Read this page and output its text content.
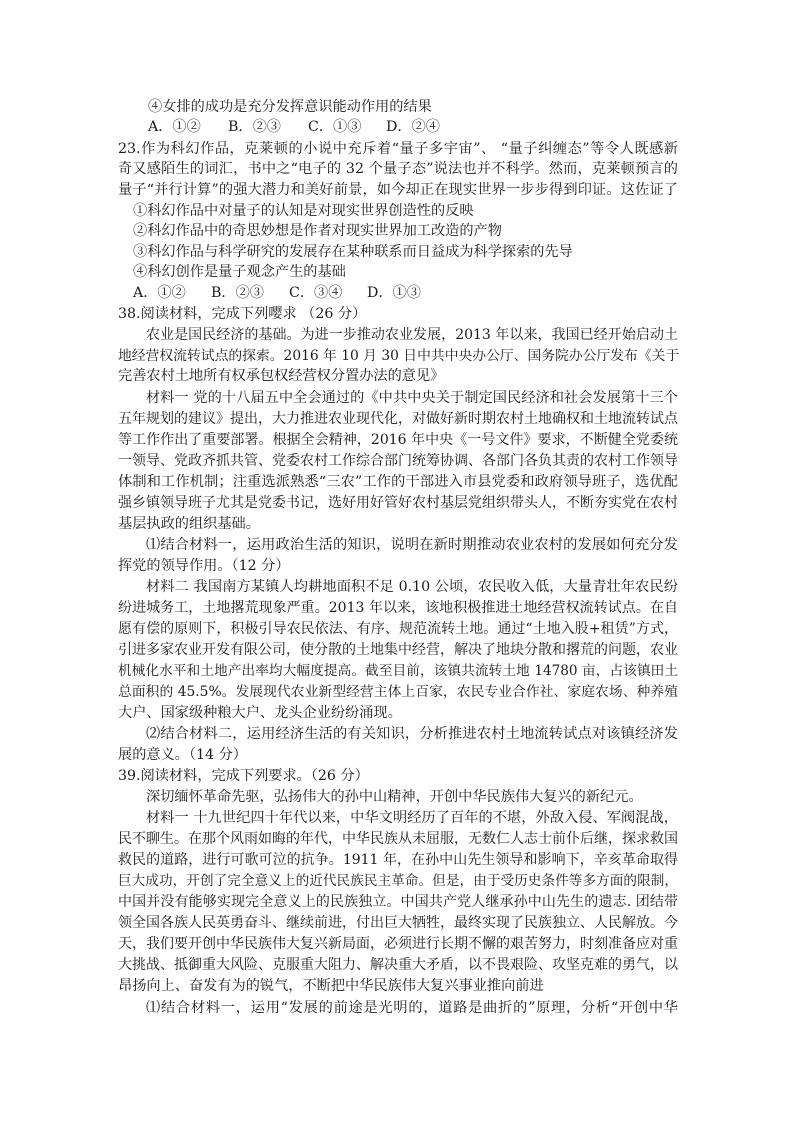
④女排的成功是充分发挥意识能动作用的结果
A．①② B．②③ C．①③ D．②④
23.作为科幻作品，克莱顿的小说中充斥着“量子多宇宙”、 “量子纠缠态”等令人既感新
奇又感陌生的词汇，书中之“电子的 32 个量子态”说法也并不科学。然而，克莱顿预言的
量子“并行计算”的强大潜力和美好前景，如今却正在现实世界一步步得到印证。这佐证了
①科幻作品中对量子的认知是对现实世界创造性的反映
②科幻作品中的奇思妙想是作者对现实世界加工改造的产物
③科幻作品与科学研究的发展存在某种联系而日益成为科学探索的先导
④科幻创作是量子观念产生的基础
A．①② B．②③ C．③④ D．①③
38.阅读材料，完成下列嘤求 （26 分）
农业是国民经济的基础。为进一步推动农业发展，2013 年以来，我国已经开始启动土
地经营权流转试点的探索。2016 年 10 月 30 日中共中央办公厅、国务院办公厅发布《关于
完善农村土地所有权承包权经营权分置办法的意见》
材料一 党的十八届五中全会通过的《中共中央关于制定国民经济和社会发展第十三个
五年规划的建议》提出，大力推进农业现代化，对做好新时期农村土地确权和土地流转试点
等工作作出了重要部署。根据全会精神，2016 年中央《一号文件》要求，不断健全党委统
一领导、党政齐抓共管、党委农村工作综合部门统筹协调、各部门各负其责的农村工作领导
体制和工作机制；注重选派熟悉“三农”工作的干部进入市县党委和政府领导班子，选优配
强乡镇领导班子尤其是党委书记，选好用好管好农村基层党组织带头人，不断夯实党在农村
基层执政的组织基础。
⑴结合材料一，运用政治生活的知识，说明在新时期推动农业农村的发展如何充分发
挥党的领导作用。（12 分）
材料二 我国南方某镇人均耕地面积不足 0.10 公顷，农民收入低，大量青壮年农民纷
纷进城务工，土地撂荒现象严重。2013 年以来，该地积极推进土地经营权流转试点。在自
愿有偿的原则下，积极引导农民依法、有序、规范流转土地。通过“土地入股+租赁”方式，
引进多家农业开发有限公司，使分散的土地集中经营，解决了地块分散和撂荒的问题，农业
机械化水平和土地产出率均大幅度提高。截至目前，该镇共流转土地 14780 亩，占该镇田土
总面积的 45.5%。发展现代农业新型经营主体上百家，农民专业合作社、家庭农场、种养殖
大户、国家级种粮大户、龙头企业纷纷涌现。
⑵结合材料二，运用经济生活的有关知识，分析推进农村土地流转试点对该镇经济发
展的意义。（14 分）
39.阅读材料，完成下列要求。（26 分）
深切缅怀革命先驱，弘扬伟大的孙中山精神，开创中华民族伟大复兴的新纪元。
材料一 十九世纪四十年代以来，中华文明经历了百年的不堪，外敌入侵、军阀混战，
民不聊生。在那个风雨如晦的年代，中华民族从未屈服，无数仁人志士前仆后继，探求救国
救民的道路，进行可歌可泣的抗争。1911 年，在孙中山先生领导和影响下，辛亥革命取得
巨大成功，开创了完全意义上的近代民族民主革命。但是，由于受历史条件等多方面的限制，
中国并没有能够实现完全意义上的民族独立。中国共产党人继承孙中山先生的遗志. 团结带
领全国各族人民英勇奋斗、继续前进，付出巨大牺牲，最终实现了民族独立、人民解放。今
天，我们要开创中华民族伟大复兴新局面，必须进行长期不懈的艰苦努力，时刻准备应对重
大挑战、抵御重大风险、克服重大阻力、解决重大矛盾，以不畏艰险、攻坚克难的勇气，以
昂扬向上、奋发有为的锐气，不断把中华民族伟大复兴事业推向前进
⑴结合材料一，运用“发展的前途是光明的，道路是曲折的”原理，分析“开创中华
